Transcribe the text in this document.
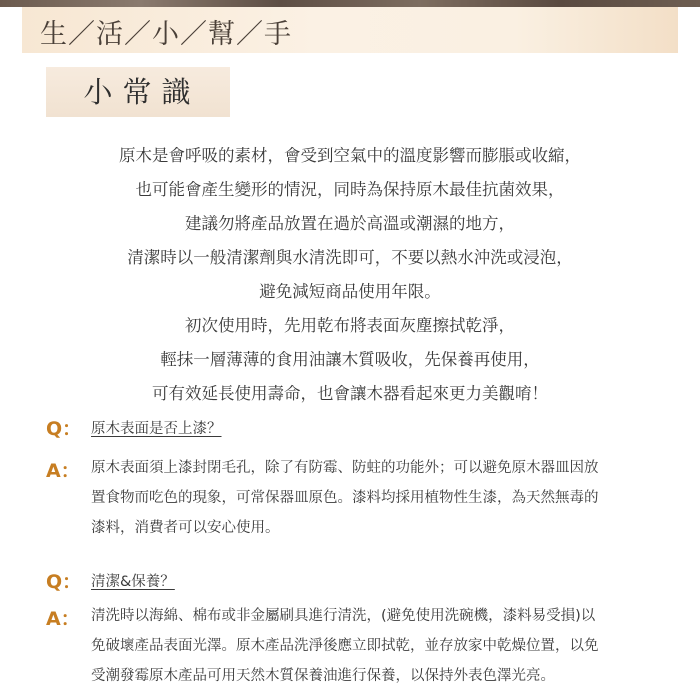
生／活／小／幫／手
小常識
原木是會呼吸的素材，會受到空氣中的溫度影響而膨脹或收縮，
也可能會產生變形的情況，同時為保持原木最佳抗菌效果，
建議勿將產品放置在過於高溫或潮濕的地方，
清潔時以一般清潔劑與水清洗即可，不要以熱水沖洗或浸泡，
避免減短商品使用年限。
初次使用時，先用乾布將表面灰塵擦拭乾淨，
輕抹一層薄薄的食用油讓木質吸收，先保養再使用，
可有效延長使用壽命，也會讓木器看起來更力美觀唷！
Q： 原木表面是否上漆？
A： 原木表面須上漆封閉毛孔，除了有防霉、防蛀的功能外；可以避免原木器皿因放
置食物而吃色的現象，可常保器皿原色。漆料均採用植物性生漆，為天然無毒的
漆料，消費者可以安心使用。
Q： 清潔&保養？
A： 清洗時以海綿、棉布或非金屬刷具進行清洗，(避免使用洗碗機，漆料易受損)以
免破壞產品表面光澤。原木產品洗淨後應立即拭乾，並存放家中乾燥位置，以免
受潮發霉原木產品可用天然木質保養油進行保養，以保持外表色澤光亮。
